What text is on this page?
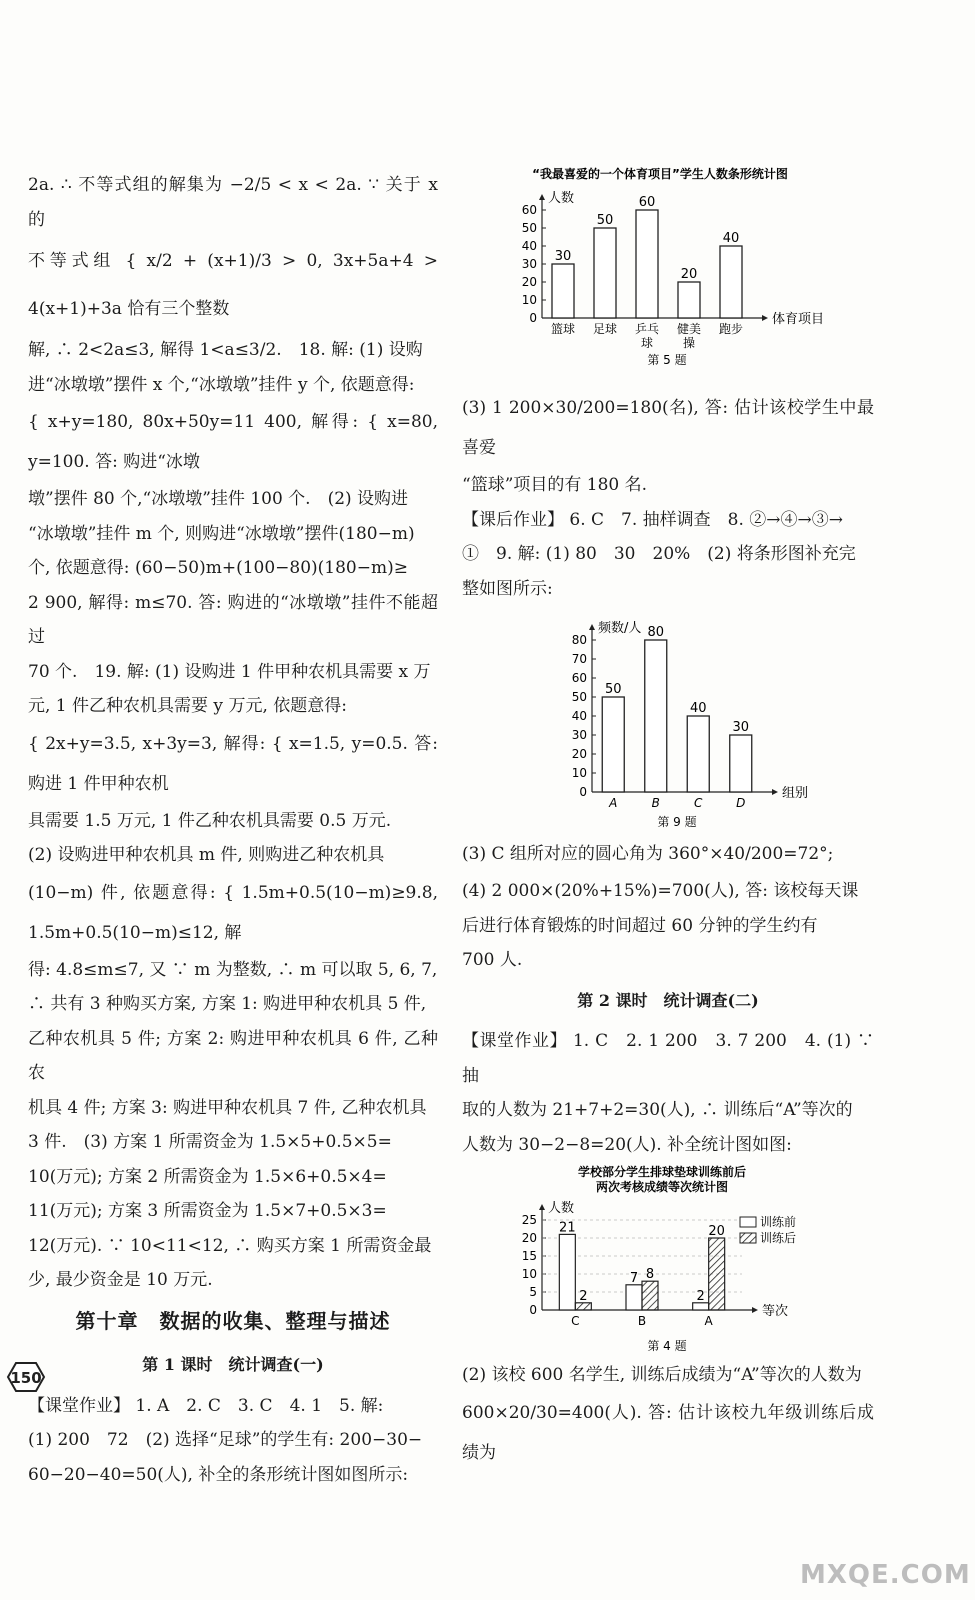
2a. ∴ 不等式组的解集为 −2/5 < x < 2a. ∵ 关于 x 的

不等式组 { x/2 + (x+1)/3 > 0, 3x+5a+4 > 4(x+1)+3a 恰有三个整数

解, ∴ 2<2a≤3, 解得 1<a≤3/2.　18. 解: (1) 设购

进“冰墩墩”摆件 x 个,“冰墩墩”挂件 y 个, 依题意得:

{ x+y=180, 80x+50y=11 400, 解得: { x=80, y=100. 答: 购进“冰墩

墩”摆件 80 个,“冰墩墩”挂件 100 个.　(2) 设购进

“冰墩墩”挂件 m 个, 则购进“冰墩墩”摆件(180−m)

个, 依题意得: (60−50)m+(100−80)(180−m)≥

2 900, 解得: m≤70. 答: 购进的“冰墩墩”挂件不能超过

70 个.　19. 解: (1) 设购进 1 件甲种农机具需要 x 万

元, 1 件乙种农机具需要 y 万元, 依题意得:

{ 2x+y=3.5, x+3y=3, 解得: { x=1.5, y=0.5. 答: 购进 1 件甲种农机

具需要 1.5 万元, 1 件乙种农机具需要 0.5 万元.

(2) 设购进甲种农机具 m 件, 则购进乙种农机具

(10−m) 件, 依题意得: { 1.5m+0.5(10−m)≥9.8, 1.5m+0.5(10−m)≤12, 解

得: 4.8≤m≤7, 又 ∵ m 为整数, ∴ m 可以取 5, 6, 7,

∴ 共有 3 种购买方案, 方案 1: 购进甲种农机具 5 件,

乙种农机具 5 件; 方案 2: 购进甲种农机具 6 件, 乙种农

机具 4 件; 方案 3: 购进甲种农机具 7 件, 乙种农机具

3 件.　(3) 方案 1 所需资金为 1.5×5+0.5×5=

10(万元); 方案 2 所需资金为 1.5×6+0.5×4=

11(万元); 方案 3 所需资金为 1.5×7+0.5×3=

12(万元). ∵ 10<11<12, ∴ 购买方案 1 所需资金最

少, 最少资金是 10 万元.

第十章　数据的收集、整理与描述
第 1 课时　统计调查(一)

【课堂作业】 1. A　2. C　3. C　4. 1　5. 解:

(1) 200　72　(2) 选择“足球”的学生有: 200−30−

60−20−40=50(人), 补全的条形统计图如图所示:

“我最喜爱的一个体育项目”学生人数条形统计图
人数
体育项目
0
10
20
30
40
50
60
篮球
30
足球
50
乒乓
球
60
健美
操
20
跑步
40
第 5 题

(3) 1 200×30/200=180(名), 答: 估计该校学生中最喜爱

“篮球”项目的有 180 名.

【课后作业】 6. C　7. 抽样调查　8. ②→④→③→

①　9. 解: (1) 80　30　20%　(2) 将条形图补充完

整如图所示:

频数/人
组别
0
10
20
30
40
50
60
70
80
A
50
B
80
C
40
D
30
第 9 题

(3) C 组所对应的圆心角为 360°×40/200=72°;

(4) 2 000×(20%+15%)=700(人), 答: 该校每天课

后进行体育锻炼的时间超过 60 分钟的学生约有

700 人.

第 2 课时　统计调查(二)

【课堂作业】 1. C　2. 1 200　3. 7 200　4. (1) ∵ 抽

取的人数为 21+7+2=30(人), ∴ 训练后“A”等次的

人数为 30−2−8=20(人). 补全统计图如图:

学校部分学生排球垫球训练前后两次考核成绩等次统计图
人数
等次
0
5
10
15
20
25
C
21
2
B
7 8
A
2
20
训练前
训练后
第 4 题

(2) 该校 600 名学生, 训练后成绩为“A”等次的人数为

600×20/30=400(人). 答: 估计该校九年级训练后成绩为

150
MXQE.COM
